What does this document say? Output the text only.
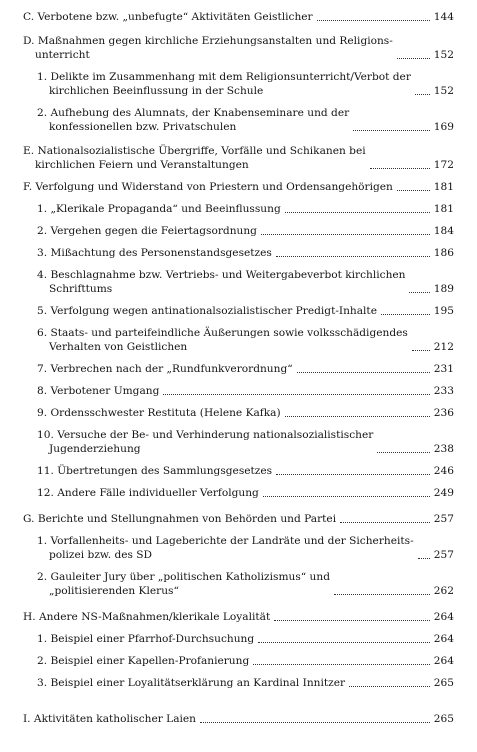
C. Verbotene bzw. „unbefugte“ Aktivitäten Geistlicher	144
D. Maßnahmen gegen kirchliche Erziehungsanstalten und Religions-
unterricht	152
1. Delikte im Zusammenhang mit dem Religionsunterricht/Verbot der
kirchlichen Beeinflussung in der Schule	152
2. Aufhebung des Alumnats, der Knabenseminare und der
konfessionellen bzw. Privatschulen	169
E. Nationalsozialistische Übergriffe, Vorfälle und Schikanen bei
kirchlichen Feiern und Veranstaltungen	172
F. Verfolgung und Widerstand von Priestern und Ordensangehörigen	181
1. „Klerikale Propaganda“ und Beeinflussung	181
2. Vergehen gegen die Feiertagsordnung	184
3. Mißachtung des Personenstandsgesetzes	186
4. Beschlagnahme bzw. Vertriebs- und Weitergabeverbot kirchlichen
Schrifttums	189
5. Verfolgung wegen antinationalsozialistischer Predigt-Inhalte	195
6. Staats- und parteifeindliche Äußerungen sowie volksschädigendes
Verhalten von Geistlichen	212
7. Verbrechen nach der „Rundfunkverordnung“	231
8. Verbotener Umgang	233
9. Ordensschwester Restituta (Helene Kafka)	236
10. Versuche der Be- und Verhinderung nationalsozialistischer
Jugenderziehung	238
11. Übertretungen des Sammlungsgesetzes	246
12. Andere Fälle individueller Verfolgung	249
G. Berichte und Stellungnahmen von Behörden und Partei	257
1. Vorfallenheits- und Lageberichte der Landräte und der Sicherheits-
polizei bzw. des SD	257
2. Gauleiter Jury über „politischen Katholizismus“ und
„politisierenden Klerus“	262
H. Andere NS-Maßnahmen/klerikale Loyalität	264
1. Beispiel einer Pfarrhof-Durchsuchung	264
2. Beispiel einer Kapellen-Profanierung	264
3. Beispiel einer Loyalitätserklärung an Kardinal Innitzer	265
I. Aktivitäten katholischer Laien	265
